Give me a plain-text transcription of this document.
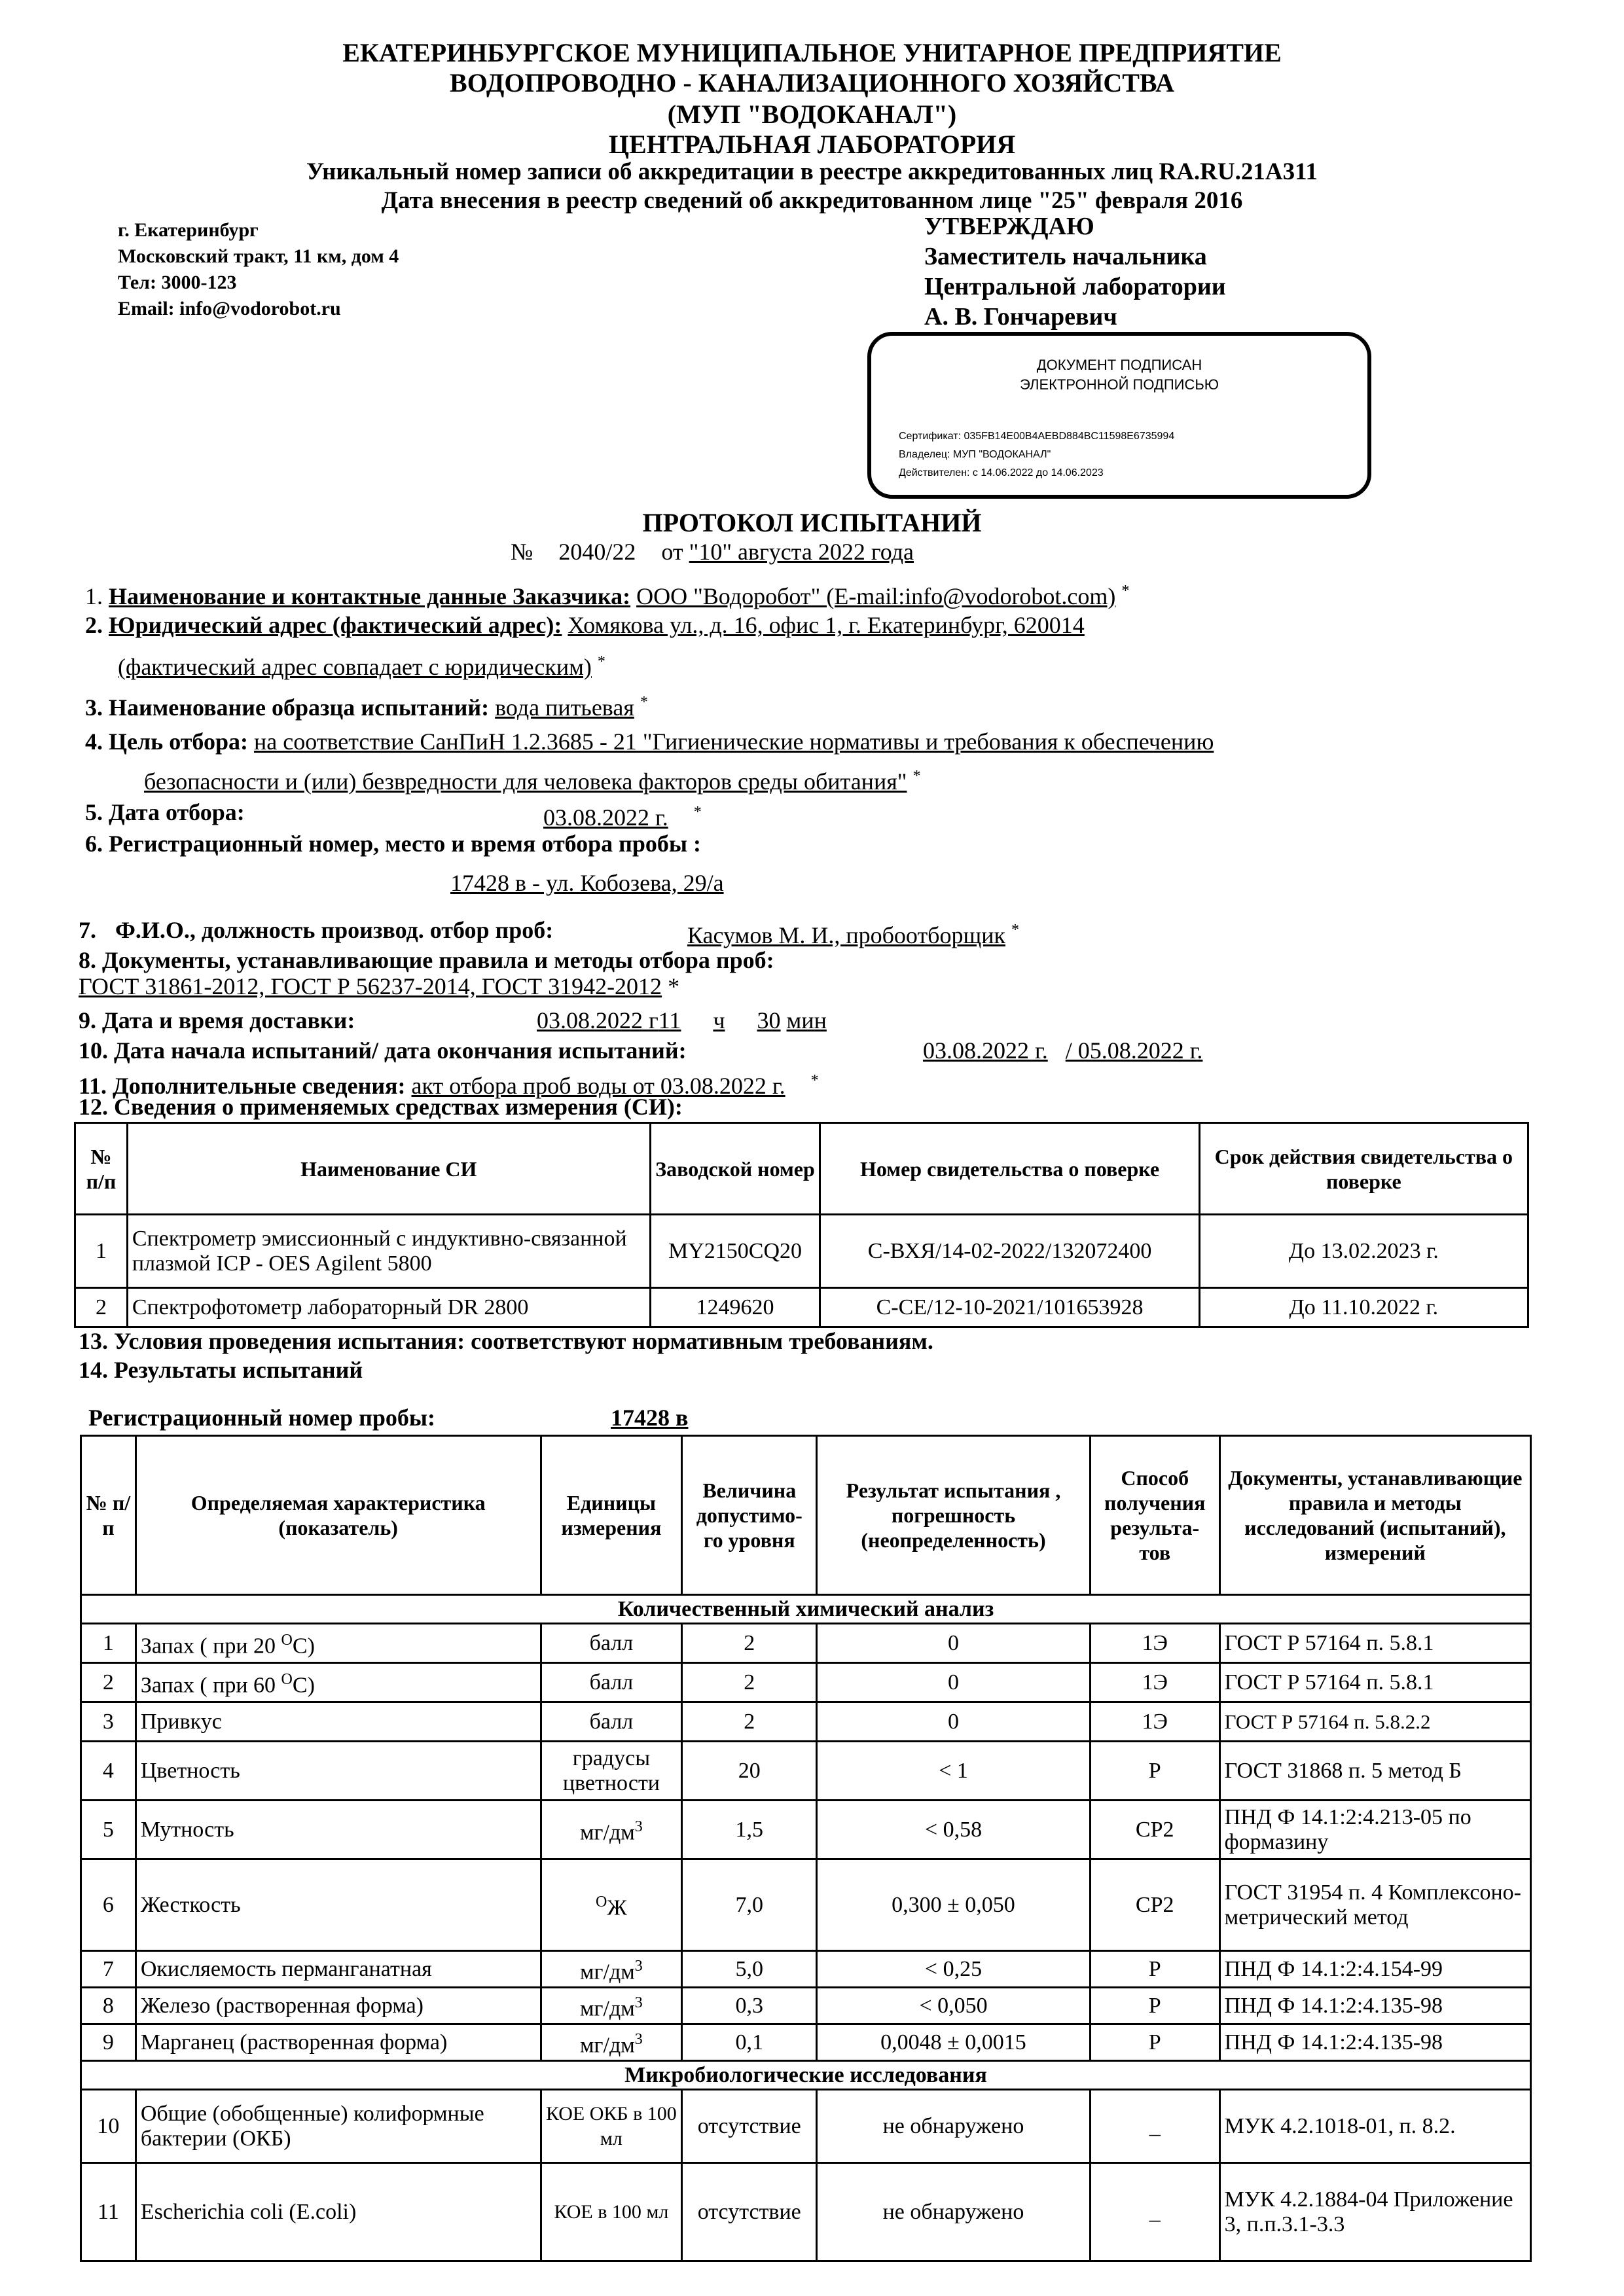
ЕКАТЕРИНБУРГСКОЕ МУНИЦИПАЛЬНОЕ УНИТАРНОЕ ПРЕДПРИЯТИЕ
ВОДОПРОВОДНО - КАНАЛИЗАЦИОННОГО ХОЗЯЙСТВА
(МУП "ВОДОКАНАЛ")
ЦЕНТРАЛЬНАЯ ЛАБОРАТОРИЯ
Уникальный номер записи об аккредитации в реестре аккредитованных лиц RA.RU.21A311
Дата внесения в реестр сведений об аккредитованном лице "25" февраля 2016
г. Екатеринбург
Московский тракт, 11 км, дом 4
Тел: 3000-123
Email: info@vodorobot.ru
УТВЕРЖДАЮ
Заместитель начальника
Центральной лаборатории
А. В. Гончаревич
ДОКУМЕНТ ПОДПИСАН
ЭЛЕКТРОННОЙ ПОДПИСЬЮ
Сертификат: 035FB14E00B4AEBD884BC11598E6735994
Владелец: МУП "ВОДОКАНАЛ"
Действителен: с 14.06.2022 до 14.06.2023
ПРОТОКОЛ ИСПЫТАНИЙ
№ 2040/22 от "10" августа 2022 года
1. Наименование и контактные данные Заказчика: ООО "Водоробот" (E-mail:info@vodorobot.com) *
2. Юридический адрес (фактический адрес): Хомякова ул., д. 16, офис 1, г. Екатеринбург, 620014
(фактический адрес совпадает с юридическим) *
3. Наименование образца испытаний: вода питьевая *
4. Цель отбора: на соответствие СанПиН 1.2.3685 - 21 "Гигиенические нормативы и требования к обеспечению
безопасности и (или) безвредности для человека факторов среды обитания" *
5. Дата отбора:	03.08.2022 г. *
6. Регистрационный номер, место и время отбора пробы :
17428 в - ул. Кобозева, 29/а
7. Ф.И.О., должность производ. отбор проб:	Касумов М. И., пробоотборщик *
8. Документы, устанавливающие правила и методы отбора проб:
ГОСТ 31861-2012, ГОСТ Р 56237-2014, ГОСТ 31942-2012 *
9. Дата и время доставки:	03.08.2022 г11 ч 30 мин
10. Дата начала испытаний/ дата окончания испытаний:	03.08.2022 г. / 05.08.2022 г.
11. Дополнительные сведения: акт отбора проб воды от 03.08.2022 г. *
12. Сведения о применяемых средствах измерения (СИ):
№ п/п	Наименование СИ	Заводской номер	Номер свидетельства о поверке	Срок действия свидетельства о поверке
1	Спектрометр эмиссионный с индуктивно-связанной плазмой ICP - OES Agilent 5800	MY2150CQ20	С-ВХЯ/14-02-2022/132072400	До 13.02.2023 г.
2	Спектрофотометр лабораторный DR 2800	1249620	С-СЕ/12-10-2021/101653928	До 11.10.2022 г.
13. Условия проведения испытания: соответствуют нормативным требованиям.
14. Результаты испытаний
Регистрационный номер пробы:	17428 в
№ п/п	Определяемая характеристика (показатель)	Единицы измерения	Величина допустимо-го уровня	Результат испытания , погрешность (неопределенность)	Способ получения результа-тов	Документы, устанавливающие правила и методы исследований (испытаний), измерений
Количественный химический анализ						
1	Запах ( при 20 $^O$C)	балл	2	0	1Э	ГОСТ Р 57164 п. 5.8.1
2	Запах ( при 60 $^O$C)	балл	2	0	1Э	ГОСТ Р 57164 п. 5.8.1
3	Привкус	балл	2	0	1Э	ГОСТ Р 57164 п. 5.8.2.2
4	Цветность	градусы цветности	20	< 1	Р	ГОСТ 31868 п. 5 метод Б
5	Мутность	$мг/дм^3$	1,5	< 0,58	СР2	ПНД Ф 14.1:2:4.213-05 по формазину
6	Жесткость	$^O$Ж	7,0	0,300 ± 0,050	СР2	ГОСТ 31954 п. 4 Комплексоно-метрический метод
7	Окисляемость перманганатная	$мг/дм^3$	5,0	< 0,25	Р	ПНД Ф 14.1:2:4.154-99
8	Железо (растворенная форма)	$мг/дм^3$	0,3	< 0,050	Р	ПНД Ф 14.1:2:4.135-98
9	Марганец (растворенная форма)	$мг/дм^3$	0,1	0,0048 ± 0,0015	Р	ПНД Ф 14.1:2:4.135-98
Микробиологические исследования						
10	Общие (обобщенные) колиформные бактерии (ОКБ)	КОЕ ОКБ в 100 мл	отсутствие	не обнаружено	_	МУК 4.2.1018-01, п. 8.2.
11	Escherichia coli (E.coli)	КОЕ в 100 мл	отсутствие	не обнаружено	_	МУК 4.2.1884-04 Приложение 3, п.п.3.1-3.3
